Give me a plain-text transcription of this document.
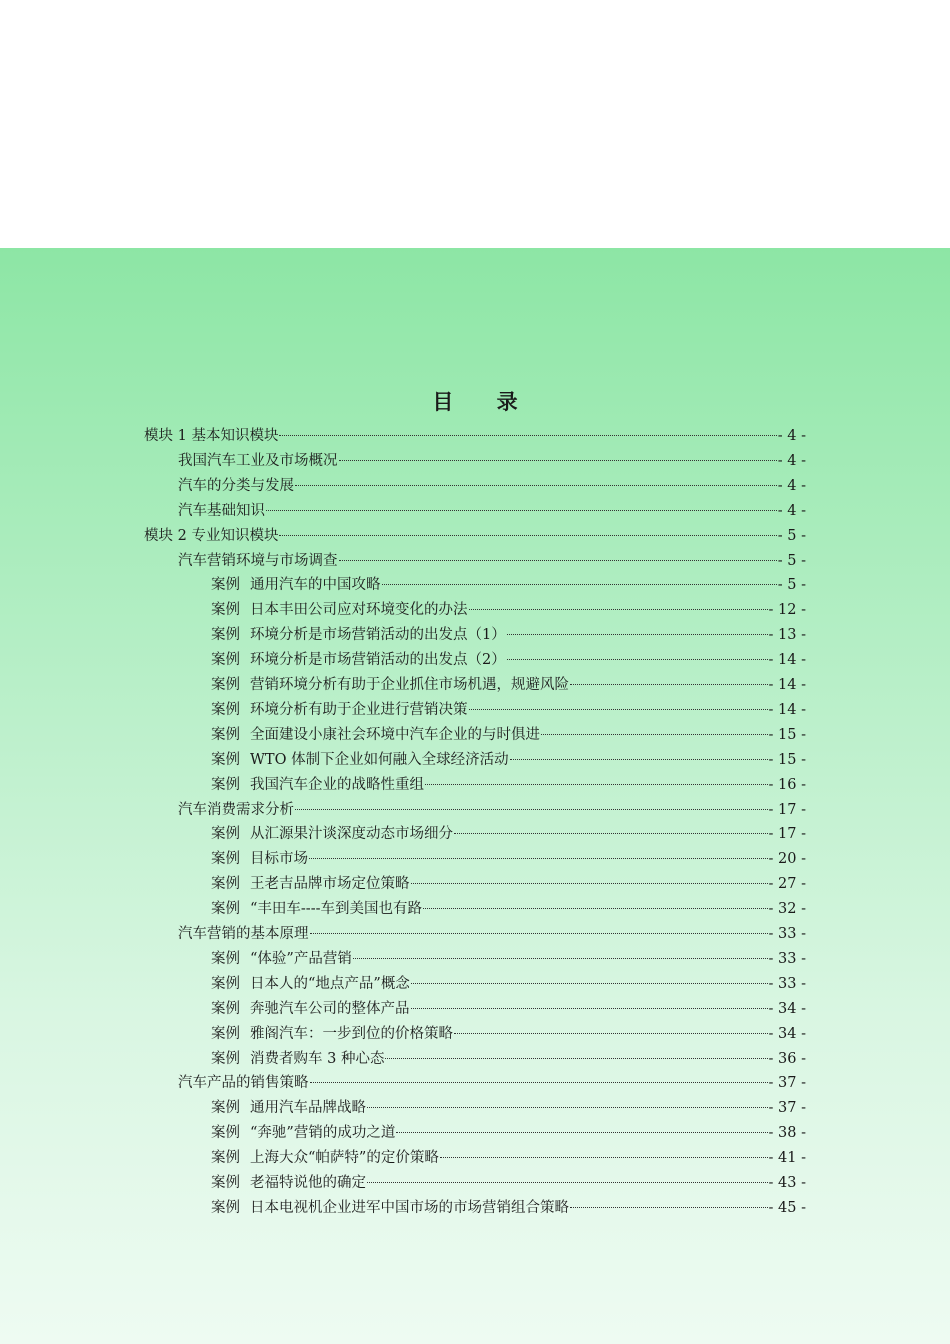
目 录
模块 1 基本知识模块	- 4 -
我国汽车工业及市场概况	- 4 -
汽车的分类与发展	- 4 -
汽车基础知识	- 4 -
模块 2 专业知识模块	- 5 -
汽车营销环境与市场调查	- 5 -
案例 通用汽车的中国攻略	- 5 -
案例 日本丰田公司应对环境变化的办法	- 12 -
案例 环境分析是市场营销活动的出发点（1）	- 13 -
案例 环境分析是市场营销活动的出发点（2）	- 14 -
案例 营销环境分析有助于企业抓住市场机遇，规避风险	- 14 -
案例 环境分析有助于企业进行营销决策	- 14 -
案例 全面建设小康社会环境中汽车企业的与时俱进	- 15 -
案例 WTO 体制下企业如何融入全球经济活动	- 15 -
案例 我国汽车企业的战略性重组	- 16 -
汽车消费需求分析	- 17 -
案例 从汇源果汁谈深度动态市场细分	- 17 -
案例 目标市场	- 20 -
案例 王老吉品牌市场定位策略	- 27 -
案例 “丰田车----车到美国也有路	- 32 -
汽车营销的基本原理	- 33 -
案例 “体验”产品营销	- 33 -
案例 日本人的“地点产品”概念	- 33 -
案例 奔驰汽车公司的整体产品	- 34 -
案例 雅阁汽车：一步到位的价格策略	- 34 -
案例 消费者购车 3 种心态	- 36 -
汽车产品的销售策略	- 37 -
案例 通用汽车品牌战略	- 37 -
案例 “奔驰”营销的成功之道	- 38 -
案例 上海大众“帕萨特”的定价策略	- 41 -
案例 老福特说他的确定	- 43 -
案例 日本电视机企业进军中国市场的市场营销组合策略	- 45 -
